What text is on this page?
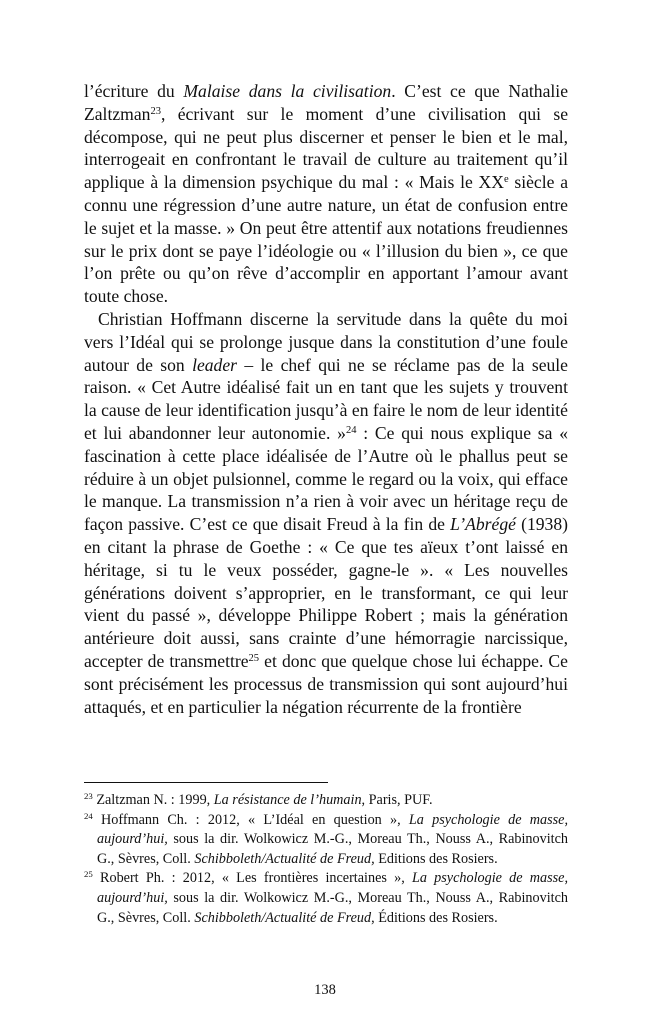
l’écriture du Malaise dans la civilisation. C’est ce que Nathalie Zaltzman$^{23}$, écrivant sur le moment d’une civilisation qui se décompose, qui ne peut plus discerner et penser le bien et le mal, interrogeait en confrontant le travail de culture au traitement qu’il applique à la dimension psychique du mal : « Mais le XXe siècle a connu une régression d’une autre nature, un état de confusion entre le sujet et la masse. » On peut être attentif aux notations freudiennes sur le prix dont se paye l’idéologie ou « l’illusion du bien », ce que l’on prête ou qu’on rêve d’accomplir en apportant l’amour avant toute chose.

Christian Hoffmann discerne la servitude dans la quête du moi vers l’Idéal qui se prolonge jusque dans la constitution d’une foule autour de son leader – le chef qui ne se réclame pas de la seule raison. « Cet Autre idéalisé fait un en tant que les sujets y trouvent la cause de leur identification jusqu’à en faire le nom de leur identité et lui abandonner leur autonomie. »$^{24}$ : Ce qui nous explique sa « fascination à cette place idéalisée de l’Autre où le phallus peut se réduire à un objet pulsionnel, comme le regard ou la voix, qui efface le manque. La transmission n’a rien à voir avec un héritage reçu de façon passive. C’est ce que disait Freud à la fin de L’Abrégé (1938) en citant la phrase de Goethe : « Ce que tes aïeux t’ont laissé en héritage, si tu le veux posséder, gagne-le ». « Les nouvelles générations doivent s’approprier, en le transformant, ce qui leur vient du passé », développe Philippe Robert ; mais la génération antérieure doit aussi, sans crainte d’une hémorragie narcissique, accepter de transmettre$^{25}$ et donc que quelque chose lui échappe. Ce sont précisément les processus de transmission qui sont aujourd’hui attaqués, et en particulier la négation récurrente de la frontière

$^{23}$ Zaltzman N. : 1999, La résistance de l’humain, Paris, PUF.

$^{24}$ Hoffmann Ch. : 2012, « L’Idéal en question », La psychologie de masse, aujourd’hui, sous la dir. Wolkowicz M.-G., Moreau Th., Nouss A., Rabinovitch G., Sèvres, Coll. Schibboleth/Actualité de Freud, Editions des Rosiers.

$^{25}$ Robert Ph. : 2012, « Les frontières incertaines », La psychologie de masse, aujourd’hui, sous la dir. Wolkowicz M.-G., Moreau Th., Nouss A., Rabinovitch G., Sèvres, Coll. Schibboleth/Actualité de Freud, Éditions des Rosiers.

138
